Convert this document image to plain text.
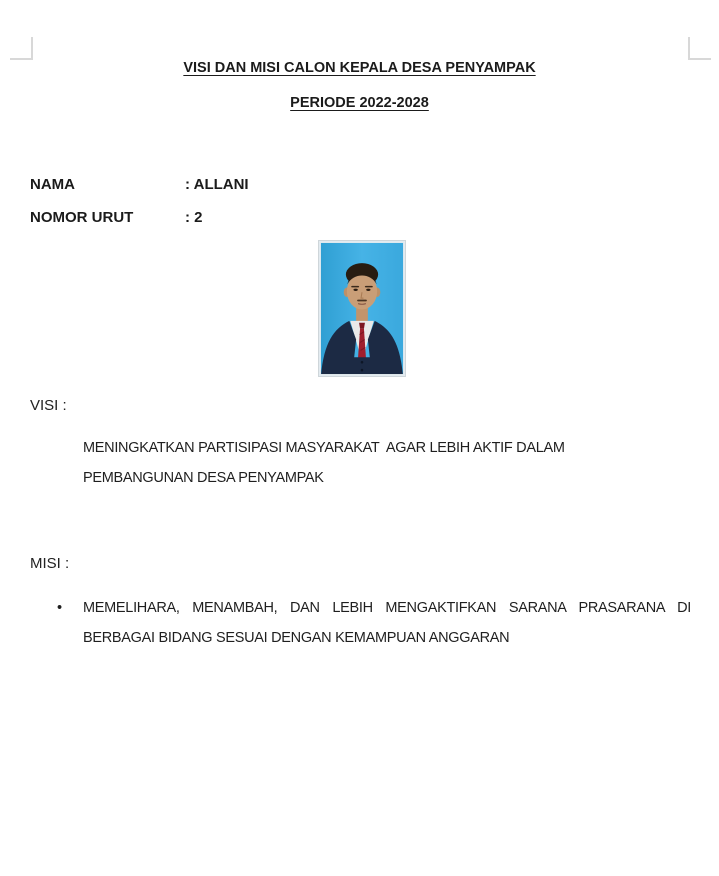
VISI DAN MISI CALON KEPALA DESA PENYAMPAK
PERIODE 2022-2028
NAMA	: ALLANI
NOMOR URUT	: 2
VISI :
MENINGKATKAN PARTISIPASI MASYARAKAT  AGAR LEBIH AKTIF DALAM PEMBANGUNAN DESA PENYAMPAK
MISI :
• MEMELIHARA, MENAMBAH, DAN LEBIH MENGAKTIFKAN SARANA PRASARANA DI BERBAGAI BIDANG SESUAI DENGAN KEMAMPUAN ANGGARAN
